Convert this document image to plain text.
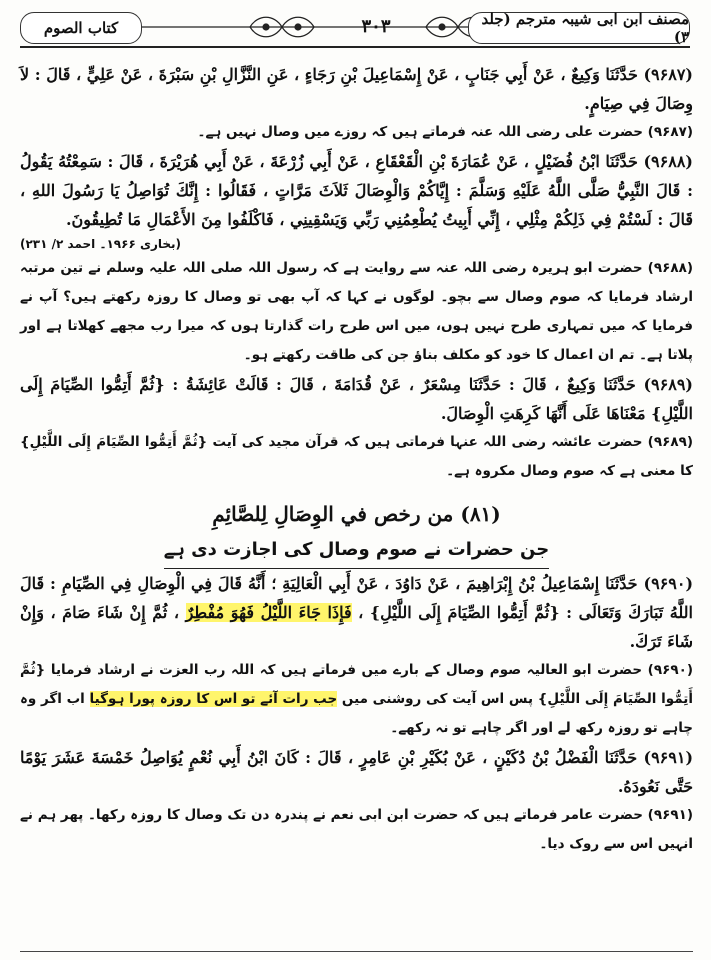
مصنف ابن ابی شیبہ مترجم (جلد ۳)
۳۰۳
کتاب الصوم

(۹۶۸۷) حَدَّثَنَا وَكِيعٌ ، عَنْ أَبِي جَنَابٍ ، عَنْ إِسْمَاعِيلَ بْنِ رَجَاءٍ ، عَنِ النَّزَّالِ بْنِ سَبْرَةَ ، عَنْ عَلِيٍّ ، قَالَ : لاَ وِصَالَ فِي صِيَامٍ.

(۹۶۸۷) حضرت علی رضی اللہ عنہ فرماتے ہیں کہ روزے میں وصال نہیں ہے۔

(۹۶۸۸) حَدَّثَنَا ابْنُ فُضَيْلٍ ، عَنْ عُمَارَةَ بْنِ الْقَعْقَاعِ ، عَنْ أَبِي زُرْعَةَ ، عَنْ أَبِي هُرَيْرَةَ ، قَالَ : سَمِعْتُهُ يَقُولُ : قَالَ النَّبِيُّ صَلَّى اللَّهُ عَلَيْهِ وَسَلَّمَ : إِيَّاكُمْ وَالْوِصَالَ ثَلاَثَ مَرَّاتٍ ، فَقَالُوا : إِنَّكَ تُوَاصِلُ يَا رَسُولَ اللهِ ، قَالَ : لَسْتُمْ فِي ذَلِكُمْ مِثْلِي ، إِنِّي أَبِيتُ يُطْعِمُنِي رَبِّي وَيَسْقِينِي ، فَاكْلَفُوا مِنَ الأَعْمَالِ مَا تُطِيقُونَ.

(بخاری ۱۹۶۶۔ احمد ۲/ ۲۳۱)

(۹۶۸۸) حضرت ابو ہریرہ رضی اللہ عنہ سے روایت ہے کہ رسول اللہ صلی اللہ علیہ وسلم نے تین مرتبہ ارشاد فرمایا کہ صوم وصال سے بچو۔ لوگوں نے کہا کہ آپ بھی تو وصال کا روزہ رکھتے ہیں؟ آپ نے فرمایا کہ میں تمہاری طرح نہیں ہوں، میں اس طرح رات گذارتا ہوں کہ میرا رب مجھے کھلاتا ہے اور پلاتا ہے۔ تم ان اعمال کا خود کو مکلف بناؤ جن کی طاقت رکھتے ہو۔

(۹۶۸۹) حَدَّثَنَا وَكِيعٌ ، قَالَ : حَدَّثَنَا مِسْعَرٌ ، عَنْ قُدَامَةَ ، قَالَ : قَالَتْ عَائِشَةُ : {ثُمَّ أَتِمُّوا الصِّيَامَ إِلَى اللَّيْلِ} مَعْنَاهَا عَلَى أَنَّهَا كَرِهَتِ الْوِصَالَ.

(۹۶۸۹) حضرت عائشہ رضی اللہ عنہا فرماتی ہیں کہ قرآن مجید کی آیت {ثُمَّ أَتِمُّوا الصِّيَامَ إِلَى اللَّيْلِ} کا معنی ہے کہ صوم وصال مکروہ ہے۔

(۸۱) من رخص في الوِصَالِ لِلصَّائِمِ
جن حضرات نے صوم وصال کی اجازت دی ہے

(۹۶۹۰) حَدَّثَنَا إِسْمَاعِيلُ بْنُ إِبْرَاهِيمَ ، عَنْ دَاوُدَ ، عَنْ أَبِي الْعَالِيَةِ ؛ أَنَّهُ قَالَ فِي الْوِصَالِ فِي الصِّيَامِ : قَالَ اللَّهُ تَبَارَكَ وَتَعَالَى : {ثُمَّ أَتِمُّوا الصِّيَامَ إِلَى اللَّيْلِ} ، فَإِذَا جَاءَ اللَّيْلُ فَهُوَ مُفْطِرٌ ، ثُمَّ إِنْ شَاءَ صَامَ ، وَإِنْ شَاءَ تَرَكَ.

(۹۶۹۰) حضرت ابو العالیہ صوم وصال کے بارے میں فرماتے ہیں کہ اللہ رب العزت نے ارشاد فرمایا {ثُمَّ أَتِمُّوا الصِّيَامَ إِلَى اللَّيْلِ} پس اس آیت کی روشنی میں جب رات آئے تو اس کا روزہ پورا ہوگیا اب اگر وہ چاہے تو روزہ رکھ لے اور اگر چاہے تو نہ رکھے۔

(۹۶۹۱) حَدَّثَنَا الْفَضْلُ بْنُ دُكَيْنٍ ، عَنْ بُكَيْرِ بْنِ عَامِرٍ ، قَالَ : كَانَ ابْنُ أَبِي نُعْمٍ يُوَاصِلُ خَمْسَةَ عَشَرَ يَوْمًا حَتَّى نَعُودَهُ.

(۹۶۹۱) حضرت عامر فرماتے ہیں کہ حضرت ابن ابی نعم نے پندرہ دن تک وصال کا روزہ رکھا۔ پھر ہم نے انہیں اس سے روک دیا۔
